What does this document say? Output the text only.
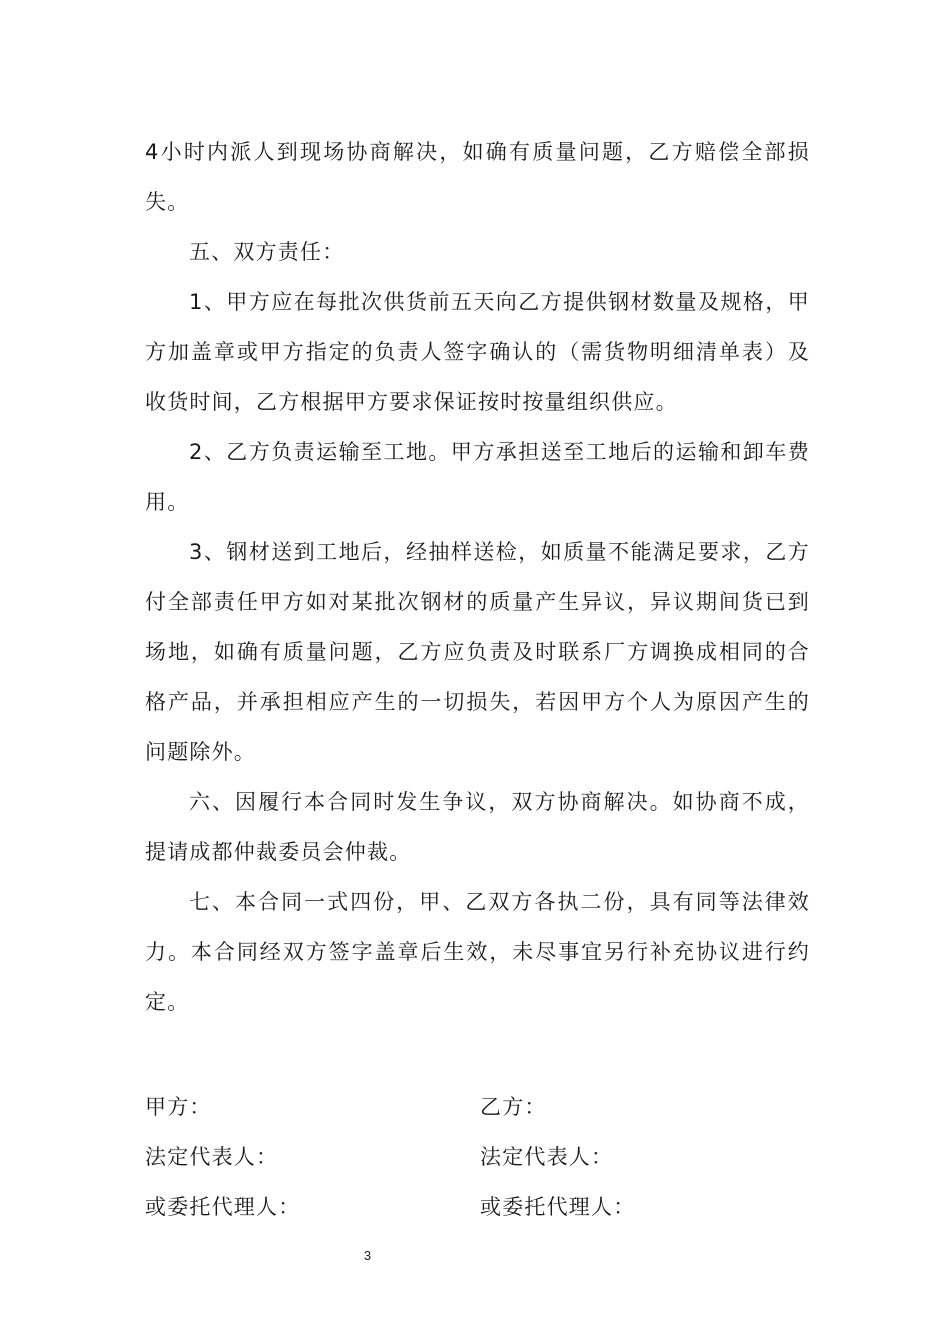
4小时内派人到现场协商解决，如确有质量问题，乙方赔偿全部损失。

五、双方责任：

1、甲方应在每批次供货前五天向乙方提供钢材数量及规格，甲方加盖章或甲方指定的负责人签字确认的（需货物明细清单表）及收货时间，乙方根据甲方要求保证按时按量组织供应。

2、乙方负责运输至工地。甲方承担送至工地后的运输和卸车费用。

3、钢材送到工地后，经抽样送检，如质量不能满足要求，乙方付全部责任甲方如对某批次钢材的质量产生异议，异议期间货已到场地，如确有质量问题，乙方应负责及时联系厂方调换成相同的合格产品，并承担相应产生的一切损失，若因甲方个人为原因产生的问题除外。

六、因履行本合同时发生争议，双方协商解决。如协商不成，提请成都仲裁委员会仲裁。

七、本合同一式四份，甲、乙双方各执二份，具有同等法律效力。本合同经双方签字盖章后生效，未尽事宜另行补充协议进行约定。

甲方：	乙方：
法定代表人：	法定代表人：
或委托代理人：	或委托代理人：
3
